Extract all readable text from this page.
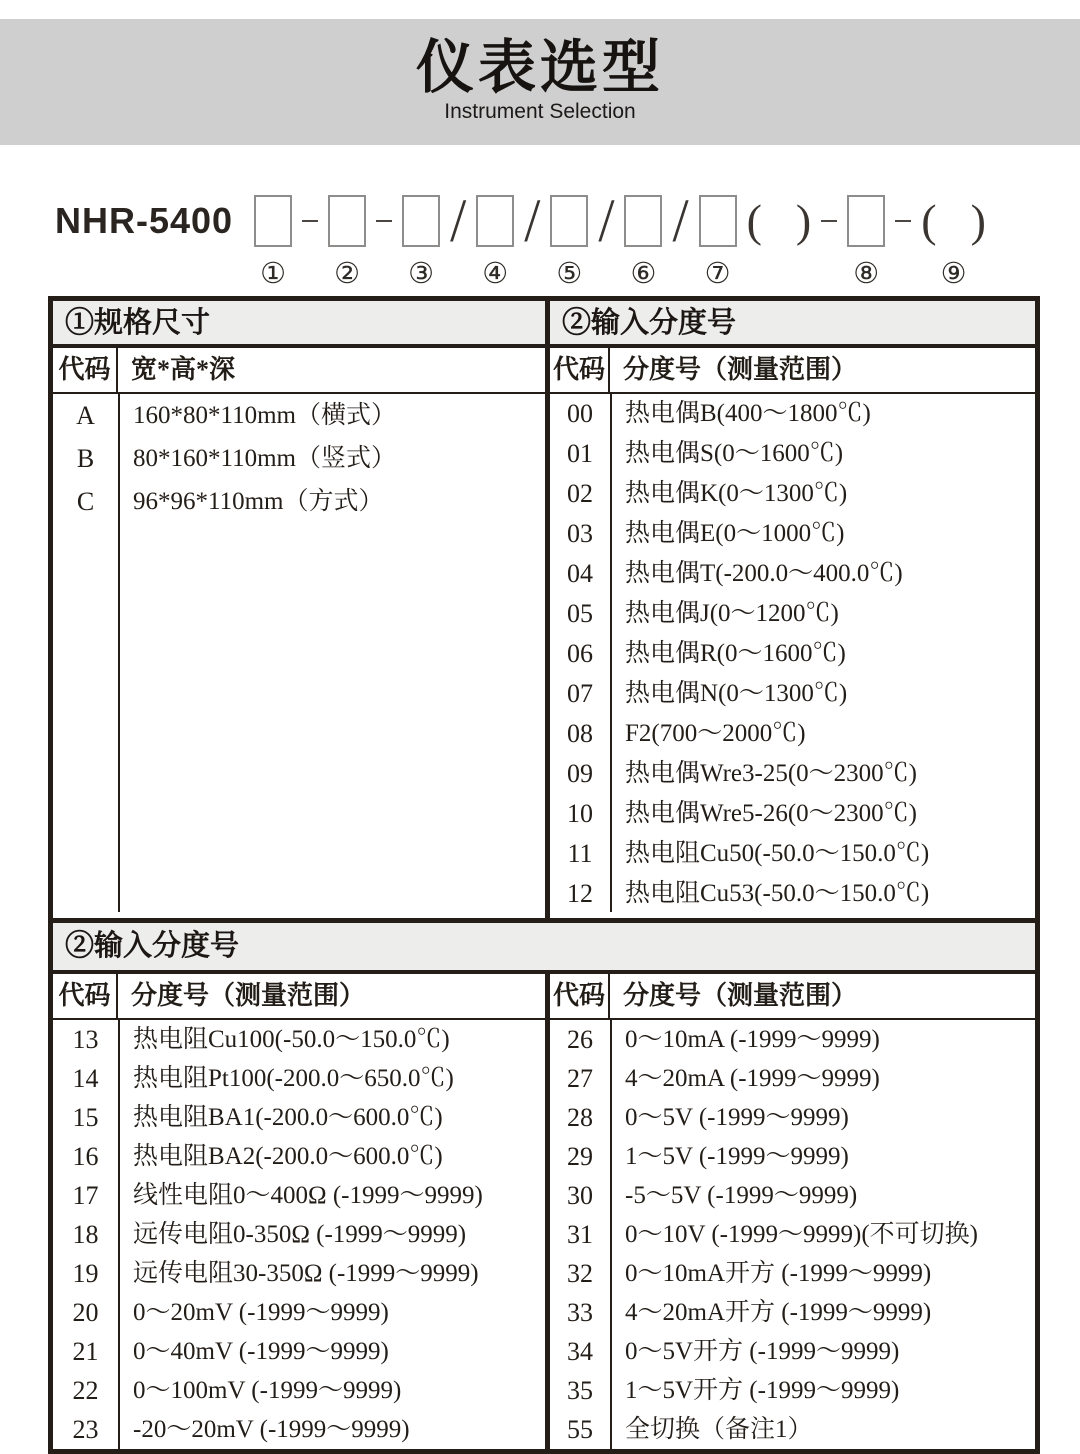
仪表选型
Instrument Selection
NHR-5400
① ② ③
/
④
/
⑤
/
⑥
/
⑦
( )
⑧
( )
⑨
①规格尺寸
代码 宽*高*深
A	160*80*110mm（横式）
B	80*160*110mm（竖式）
C	96*96*110mm（方式）
②输入分度号
代码 分度号（测量范围）
00	热电偶B(400～1800℃)
01	热电偶S(0～1600℃)
02	热电偶K(0～1300℃)
03	热电偶E(0～1000℃)
04	热电偶T(-200.0～400.0℃)
05	热电偶J(0～1200℃)
06	热电偶R(0～1600℃)
07	热电偶N(0～1300℃)
08	F2(700～2000℃)
09	热电偶Wre3-25(0～2300℃)
10	热电偶Wre5-26(0～2300℃)
11	热电阻Cu50(-50.0～150.0℃)
12	热电阻Cu53(-50.0～150.0℃)
②输入分度号
代码 分度号（测量范围）
13	热电阻Cu100(-50.0～150.0℃)
14	热电阻Pt100(-200.0～650.0℃)
15	热电阻BA1(-200.0～600.0℃)
16	热电阻BA2(-200.0～600.0℃)
17	线性电阻0～400Ω (-1999～9999)
18	远传电阻0-350Ω (-1999～9999)
19	远传电阻30-350Ω (-1999～9999)
20	0～20mV (-1999～9999)
21	0～40mV (-1999～9999)
22	0～100mV (-1999～9999)
23	-20～20mV (-1999～9999)
代码 分度号（测量范围）
26	0～10mA (-1999～9999)
27	4～20mA (-1999～9999)
28	0～5V (-1999～9999)
29	1～5V (-1999～9999)
30	-5～5V (-1999～9999)
31	0～10V (-1999～9999)(不可切换)
32	0～10mA开方 (-1999～9999)
33	4～20mA开方 (-1999～9999)
34	0～5V开方 (-1999～9999)
35	1～5V开方 (-1999～9999)
55	全切换（备注1）
